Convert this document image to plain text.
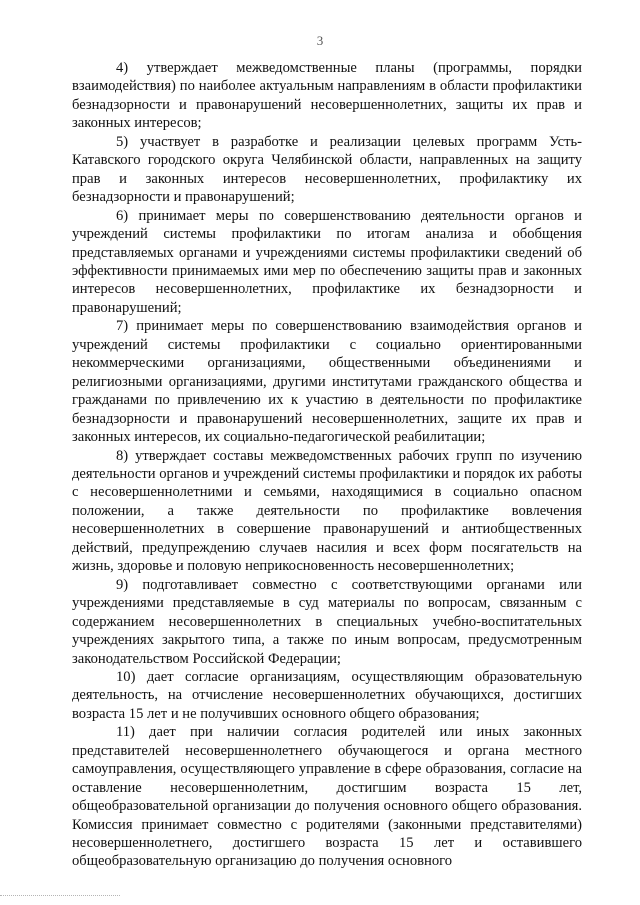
3

4) утверждает межведомственные планы (программы, порядки взаимодействия) по наиболее актуальным направлениям в области профилактики безнадзорности и правонарушений несовершеннолетних, защиты их прав и законных интересов;

5) участвует в разработке и реализации целевых программ Усть-Катавского городского округа Челябинской области, направленных на защиту прав и законных интересов несовершеннолетних, профилактику их безнадзорности и правонарушений;

6) принимает меры по совершенствованию деятельности органов и учреждений системы профилактики по итогам анализа и обобщения представляемых органами и учреждениями системы профилактики сведений об эффективности принимаемых ими мер по обеспечению защиты прав и законных интересов несовершеннолетних, профилактике их безнадзорности и правонарушений;

7) принимает меры по совершенствованию взаимодействия органов и учреждений системы профилактики с социально ориентированными некоммерческими организациями, общественными объединениями и религиозными организациями, другими институтами гражданского общества и гражданами по привлечению их к участию в деятельности по профилактике безнадзорности и правонарушений несовершеннолетних, защите их прав и законных интересов, их социально-педагогической реабилитации;

8) утверждает составы межведомственных рабочих групп по изучению деятельности органов и учреждений системы профилактики и порядок их работы с несовершеннолетними и семьями, находящимися в социально опасном положении, а также деятельности по профилактике вовлечения несовершеннолетних в совершение правонарушений и антиобщественных действий, предупреждению случаев насилия и всех форм посягательств на жизнь, здоровье и половую неприкосновенность несовершеннолетних;

9) подготавливает совместно с соответствующими органами или учреждениями представляемые в суд материалы по вопросам, связанным с содержанием несовершеннолетних в специальных учебно-воспитательных учреждениях закрытого типа, а также по иным вопросам, предусмотренным законодательством Российской Федерации;

10) дает согласие организациям, осуществляющим образовательную деятельность, на отчисление несовершеннолетних обучающихся, достигших возраста 15 лет и не получивших основного общего образования;

11) дает при наличии согласия родителей или иных законных представителей несовершеннолетнего обучающегося и органа местного самоуправления, осуществляющего управление в сфере образования, согласие на оставление несовершеннолетним, достигшим возраста 15 лет, общеобразовательной организации до получения основного общего образования. Комиссия принимает совместно с родителями (законными представителями) несовершеннолетнего, достигшего возраста 15 лет и оставившего общеобразовательную организацию до получения основного
